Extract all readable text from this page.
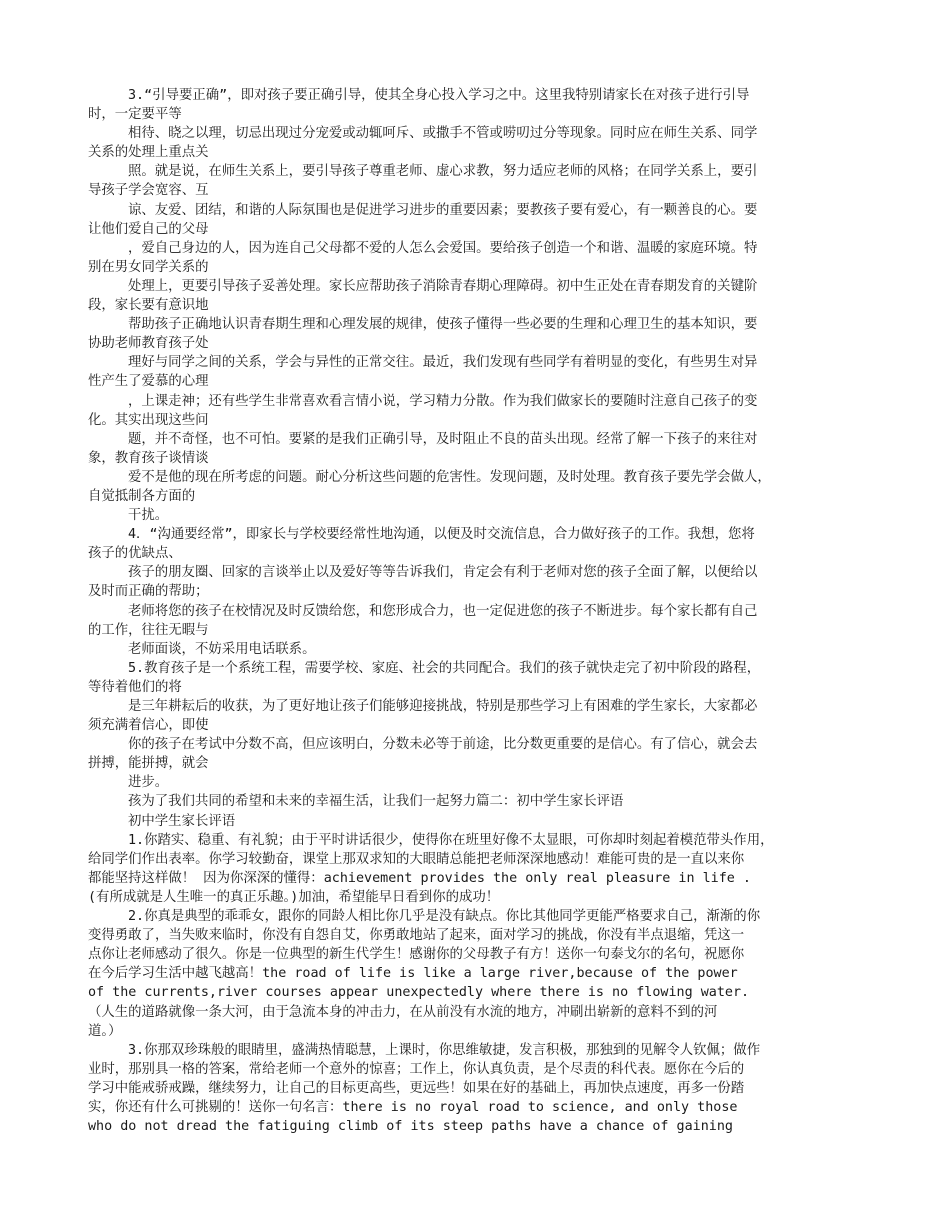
3.“引导要正确”，即对孩子要正确引导，使其全身心投入学习之中。这里我特别请家长在对孩子进行引导
时，一定要平等
相待、晓之以理，切忌出现过分宠爱或动辄呵斥、或撒手不管或唠叨过分等现象。同时应在师生关系、同学
关系的处理上重点关
照。就是说，在师生关系上，要引导孩子尊重老师、虚心求教，努力适应老师的风格；在同学关系上，要引
导孩子学会宽容、互
谅、友爱、团结，和谐的人际氛围也是促进学习进步的重要因素；要教孩子要有爱心，有一颗善良的心。要
让他们爱自己的父母
，爱自己身边的人，因为连自己父母都不爱的人怎么会爱国。要给孩子创造一个和谐、温暖的家庭环境。特
别在男女同学关系的
处理上，更要引导孩子妥善处理。家长应帮助孩子消除青春期心理障碍。初中生正处在青春期发育的关键阶
段，家长要有意识地
帮助孩子正确地认识青春期生理和心理发展的规律，使孩子懂得一些必要的生理和心理卫生的基本知识，要
协助老师教育孩子处
理好与同学之间的关系，学会与异性的正常交往。最近，我们发现有些同学有着明显的变化，有些男生对异
性产生了爱慕的心理
，上课走神；还有些学生非常喜欢看言情小说，学习精力分散。作为我们做家长的要随时注意自己孩子的变
化。其实出现这些问
题，并不奇怪，也不可怕。要紧的是我们正确引导，及时阻止不良的苗头出现。经常了解一下孩子的来往对
象，教育孩子谈情谈
爱不是他的现在所考虑的问题。耐心分析这些问题的危害性。发现问题，及时处理。教育孩子要先学会做人，
自觉抵制各方面的
干扰。
4．“沟通要经常”，即家长与学校要经常性地沟通，以便及时交流信息，合力做好孩子的工作。我想，您将
孩子的优缺点、
孩子的朋友圈、回家的言谈举止以及爱好等等告诉我们，肯定会有利于老师对您的孩子全面了解，以便给以
及时而正确的帮助；
老师将您的孩子在校情况及时反馈给您，和您形成合力，也一定促进您的孩子不断进步。每个家长都有自己
的工作，往往无暇与
老师面谈，不妨采用电话联系。
5.教育孩子是一个系统工程，需要学校、家庭、社会的共同配合。我们的孩子就快走完了初中阶段的路程，
等待着他们的将
是三年耕耘后的收获，为了更好地让孩子们能够迎接挑战，特别是那些学习上有困难的学生家长，大家都必
须充满着信心，即使
你的孩子在考试中分数不高，但应该明白，分数未必等于前途，比分数更重要的是信心。有了信心，就会去
拼搏，能拼搏，就会
进步。
孩为了我们共同的希望和未来的幸福生活，让我们一起努力篇二：初中学生家长评语
初中学生家长评语
1.你踏实、稳重、有礼貌；由于平时讲话很少，使得你在班里好像不太显眼，可你却时刻起着模范带头作用，
给同学们作出表率。你学习较勤奋，课堂上那双求知的大眼睛总能把老师深深地感动！难能可贵的是一直以来你
都能坚持这样做！ 因为你深深的懂得：achievement provides the only real pleasure in life .
(有所成就是人生唯一的真正乐趣。)加油，希望能早日看到你的成功！
2.你真是典型的乖乖女，跟你的同龄人相比你几乎是没有缺点。你比其他同学更能严格要求自己，渐渐的你
变得勇敢了，当失败来临时，你没有自怨自艾，你勇敢地站了起来，面对学习的挑战，你没有半点退缩，凭这一
点你让老师感动了很久。你是一位典型的新生代学生！感谢你的父母教子有方！送你一句泰戈尔的名句，祝愿你
在今后学习生活中越飞越高！the road of life is like a large river,because of the power
of the currents,river courses appear unexpectedly where there is no flowing water.
（人生的道路就像一条大河，由于急流本身的冲击力，在从前没有水流的地方，冲刷出崭新的意料不到的河
道。）
3.你那双珍珠般的眼睛里，盛满热情聪慧，上课时，你思维敏捷，发言积极，那独到的见解令人钦佩；做作
业时，那别具一格的答案，常给老师一个意外的惊喜；工作上，你认真负责，是个尽责的科代表。愿你在今后的
学习中能戒骄戒躁，继续努力，让自己的目标更高些，更远些！如果在好的基础上，再加快点速度，再多一份踏
实，你还有什么可挑剔的！送你一句名言：there is no royal road to science, and only those
who do not dread the fatiguing climb of its steep paths have a chance of gaining
